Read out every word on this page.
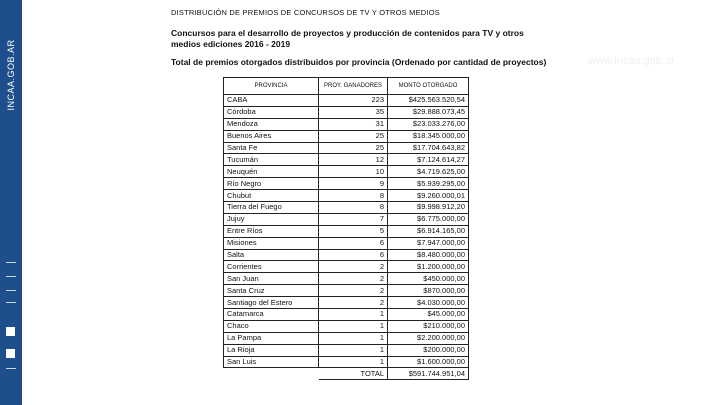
INCAA.GOB.AR	www.incaa.gob.ar
DISTRIBUCIÓN DE PREMIOS DE CONCURSOS DE TV Y OTROS MEDIOS
Concursos para el desarrollo de proyectos y producción de contenidos para TV y otros
medios ediciones 2016 - 2019
Total de premios otorgados distribuidos por provincia (Ordenado por cantidad de proyectos)
PROVINCIA	PROY. GANADORES	MONTO OTORGADO
CABA	223	$425.563.520,54
Córdoba	35	$29.888.073,45
Mendoza	31	$23.033.276,00
Buenos Aires	25	$18.345.000,00
Santa Fe	25	$17.704.643,82
Tucumán	12	$7.124.614,27
Neuquén	10	$4.719.625,00
Río Negro	9	$5.939.295,00
Chubut	8	$9.260.000,01
Tierra del Fuego	8	$9.998.912,20
Jujuy	7	$6.775.000,00
Entre Ríos	5	$6.914.165,00
Misiones	6	$7.947.000,00
Salta	6	$8.480.000,00
Corrientes	2	$1.200.000,00
San Juan	2	$450.000,00
Santa Cruz	2	$870.000,00
Santiago del Estero	2	$4.030.000,00
Catamarca	1	$45.000,00
Chaco	1	$210.000,00
La Pampa	1	$2.200.000,00
La Rioja	1	$200.000,00
San Luis	1	$1.600.000,00
	TOTAL	$591.744.951,04
